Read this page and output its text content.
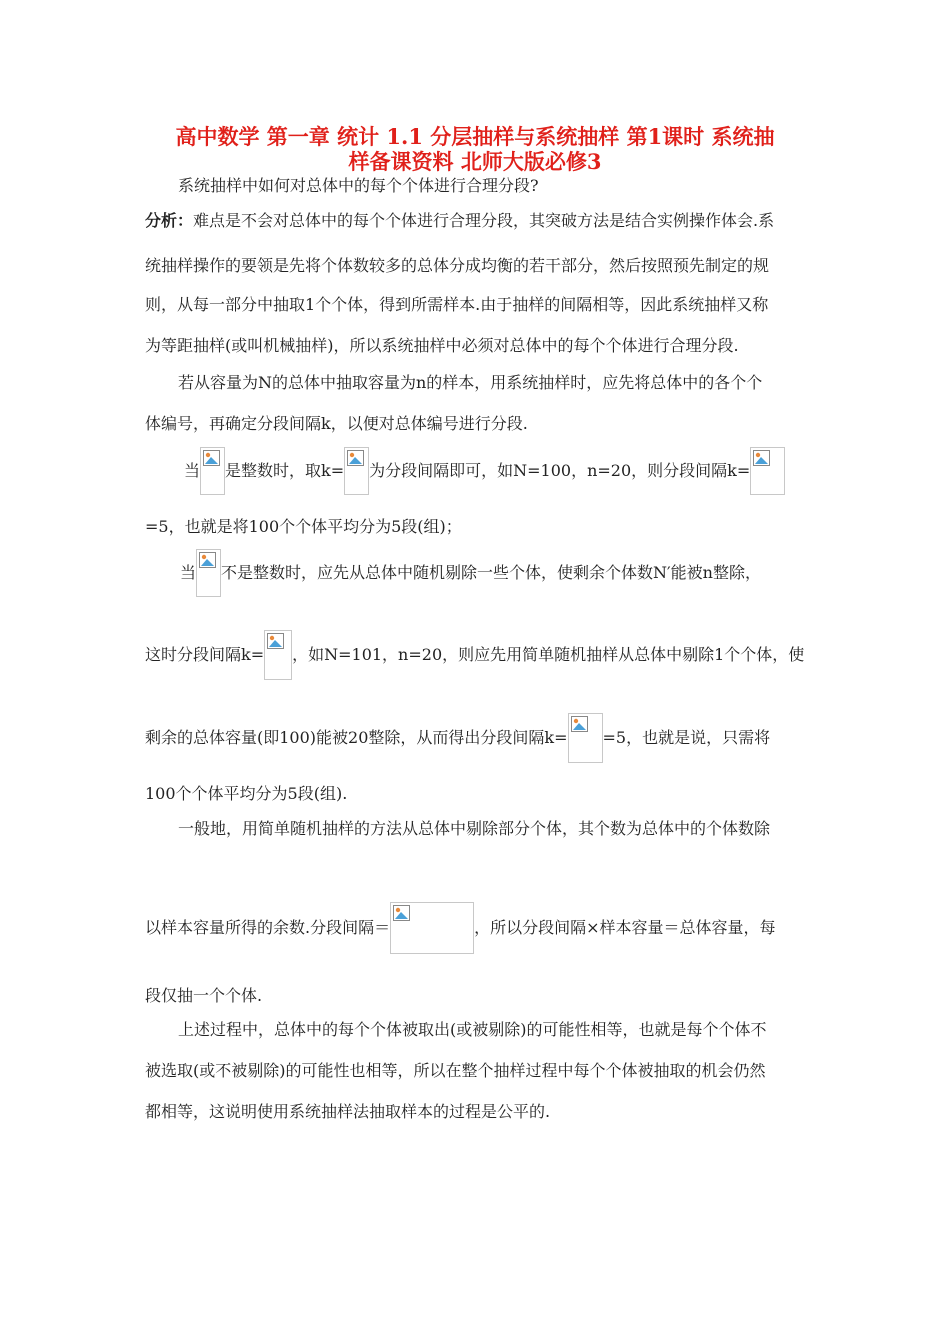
高中数学 第一章 统计 1.1 分层抽样与系统抽样 第1课时 系统抽
样备课资料 北师大版必修3
系统抽样中如何对总体中的每个个体进行合理分段?
分析：难点是不会对总体中的每个个体进行合理分段，其突破方法是结合实例操作体会.系
统抽样操作的要领是先将个体数较多的总体分成均衡的若干部分，然后按照预先制定的规
则，从每一部分中抽取1个个体，得到所需样本.由于抽样的间隔相等，因此系统抽样又称
为等距抽样(或叫机械抽样)，所以系统抽样中必须对总体中的每个个体进行合理分段.
若从容量为N的总体中抽取容量为n的样本，用系统抽样时，应先将总体中的各个个
体编号，再确定分段间隔k，以便对总体编号进行分段.
当 是整数时，取k= 为分段间隔即可，如N=100，n=20，则分段间隔k=
=5，也就是将100个个体平均分为5段(组)；
当 不是整数时，应先从总体中随机剔除一些个体，使剩余个体数N′能被n整除，
这时分段间隔k= ，如N=101，n=20，则应先用简单随机抽样从总体中剔除1个个体，使
剩余的总体容量(即100)能被20整除，从而得出分段间隔k= =5，也就是说，只需将
100个个体平均分为5段(组).
一般地，用简单随机抽样的方法从总体中剔除部分个体，其个数为总体中的个体数除
以样本容量所得的余数.分段间隔＝	，所以分段间隔×样本容量＝总体容量，每
段仅抽一个个体.
上述过程中，总体中的每个个体被取出(或被剔除)的可能性相等，也就是每个个体不
被选取(或不被剔除)的可能性也相等，所以在整个抽样过程中每个个体被抽取的机会仍然
都相等，这说明使用系统抽样法抽取样本的过程是公平的.
